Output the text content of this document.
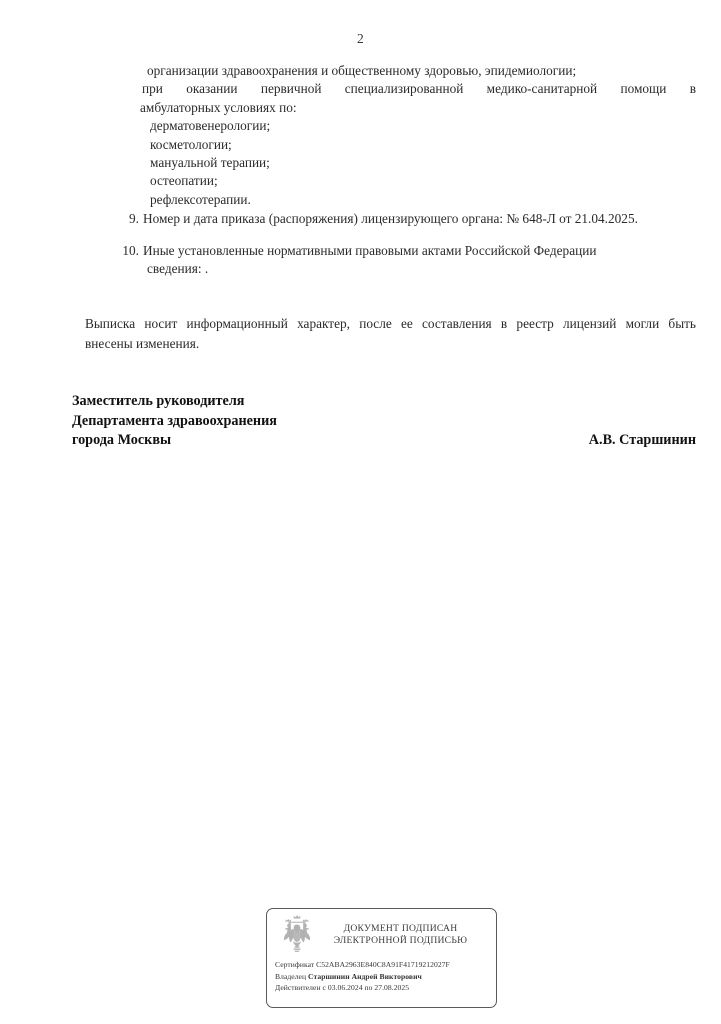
2
организации здравоохранения и общественному здоровью, эпидемиологии;
при оказании первичной специализированной медико-санитарной помощи в
амбулаторных условиях по:
дерматовенерологии;
косметологии;
мануальной терапии;
остеопатии;
рефлексотерапии.
9. Номер и дата приказа (распоряжения) лицензирующего органа: № 648-Л от 21.04.2025.
10. Иные установленные нормативными правовыми актами Российской Федерации
сведения: .
Выписка носит информационный характер, после ее составления в реестр лицензий могли быть
внесены изменения.
Заместитель руководителя
Департамента здравоохранения
города Москвы	А.В. Старшинин
ДОКУМЕНТ ПОДПИСАН
ЭЛЕКТРОННОЙ ПОДПИСЬЮ
Сертификат C52ABA2963E840C8A91F41719212027F
Владелец Старшинин Андрей Викторович
Действителен с 03.06.2024 по 27.08.2025
